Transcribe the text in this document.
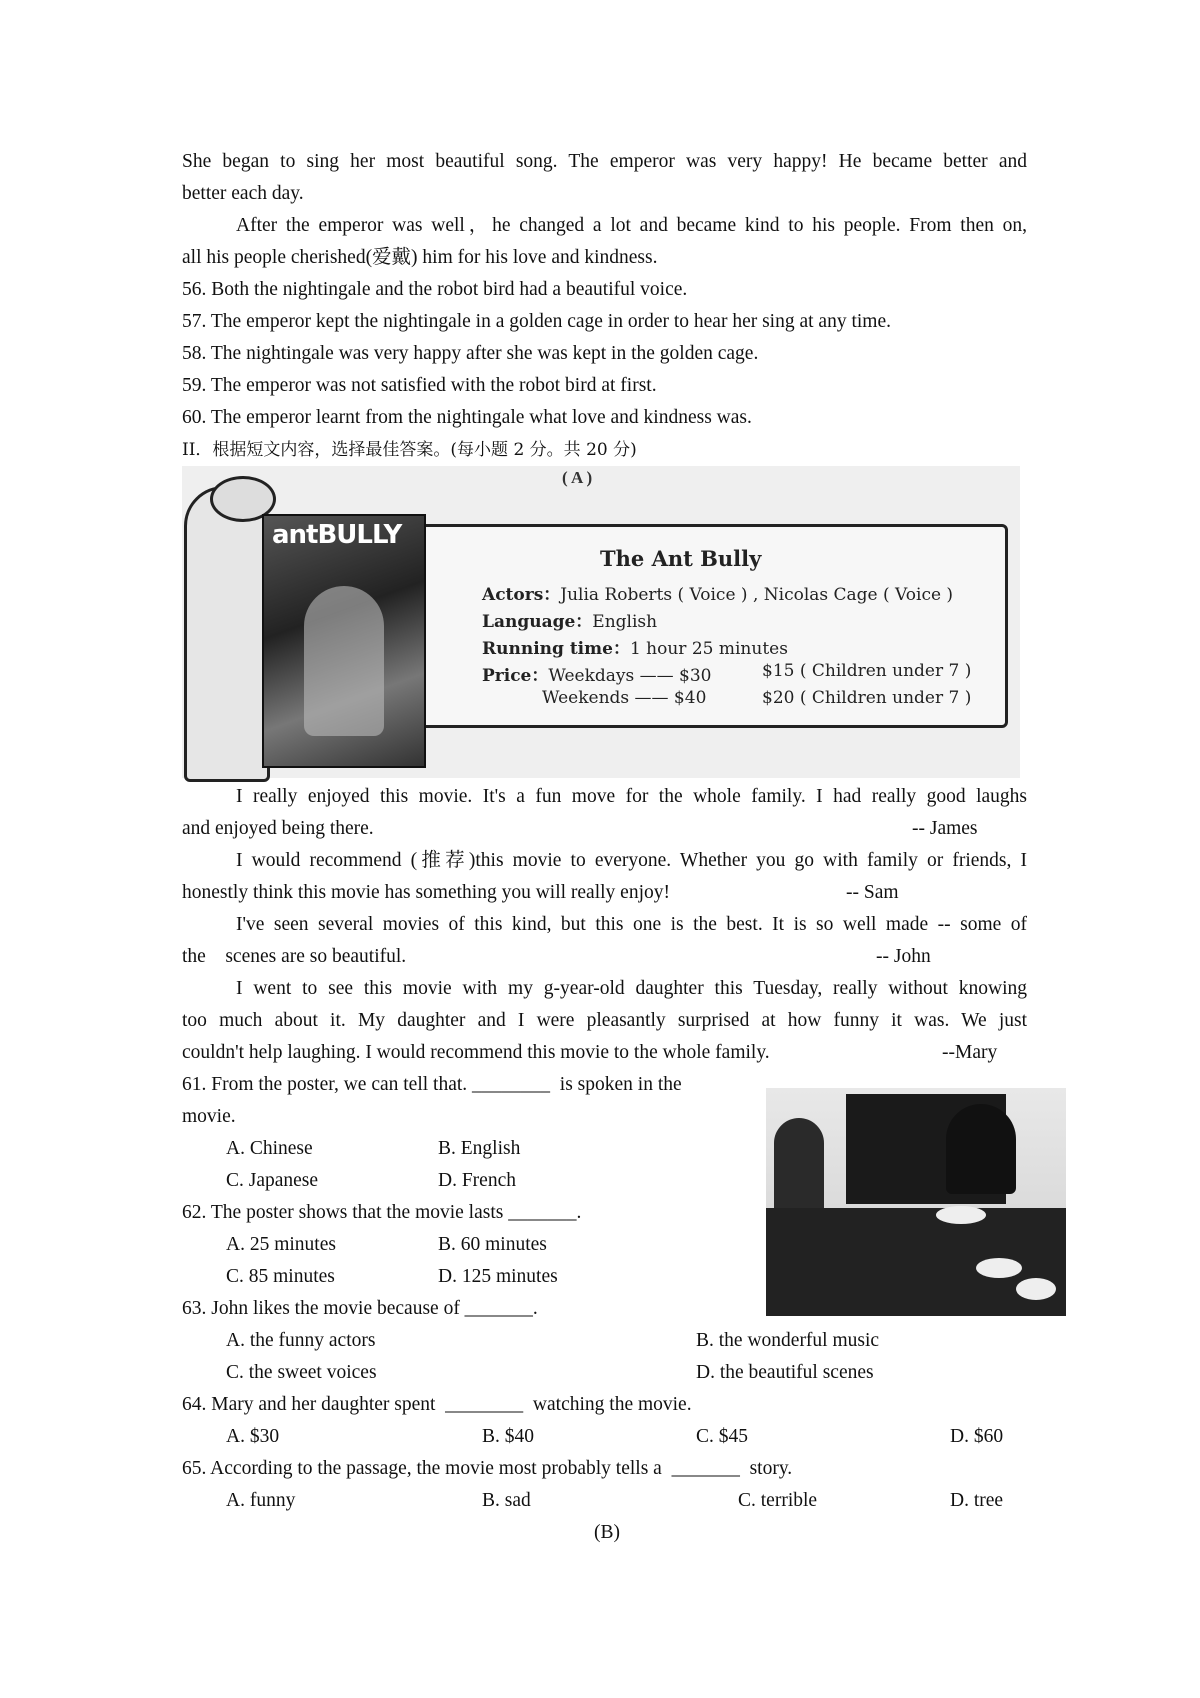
She began to sing her most beautiful song. The emperor was very happy! He became better and
better each day.
After the emperor was well，he changed a lot and became kind to his people. From then on,
all his people cherished(爱戴) him for his love and kindness.
56. Both the nightingale and the robot bird had a beautiful voice.
57. The emperor kept the nightingale in a golden cage in order to hear her sing at any time.
58. The nightingale was very happy after she was kept in the golden cage.
59. The emperor was not satisfied with the robot bird at first.
60. The emperor learnt from the nightingale what love and kindness was.
II．根据短文内容，选择最佳答案。(每小题 2 分。共 20 分)
( A )
antBULLY
The Ant Bully
Actors：Julia Roberts ( Voice ) , Nicolas Cage ( Voice )
Language：English
Running time：1 hour 25 minutes
Price：Weekdays —— $30	$15 ( Children under 7 )
Weekends —— $40	$20 ( Children under 7 )
I really enjoyed this movie. It's a fun move for the whole family. I had really good laughs
and enjoyed being there.	-- James
I would recommend (推荐)this movie to everyone. Whether you go with family or friends, I
honestly think this movie has something you will really enjoy!	-- Sam
I've seen several movies of this kind, but this one is the best. It is so well made -- some of
the    scenes are so beautiful.	-- John
I went to see this movie with my g-year-old daughter this Tuesday, really without knowing
too much about it. My daughter and I were pleasantly surprised at how funny it was. We just
couldn't help laughing. I would recommend this movie to the whole family.	--Mary
61. From the poster, we can tell that. ________  is spoken in the
movie.
A. Chinese	B. English
C. Japanese	D. French
62. The poster shows that the movie lasts _______.
A. 25 minutes	B. 60 minutes
C. 85 minutes	D. 125 minutes
63. John likes the movie because of _______.
A. the funny actors	B. the wonderful music
C. the sweet voices	D. the beautiful scenes
64. Mary and her daughter spent  ________  watching the movie.
A. $30	B. $40	C. $45	D. $60
65. According to the passage, the movie most probably tells a  _______  story.
A. funny	B. sad	C. terrible	D. tree
(B)
